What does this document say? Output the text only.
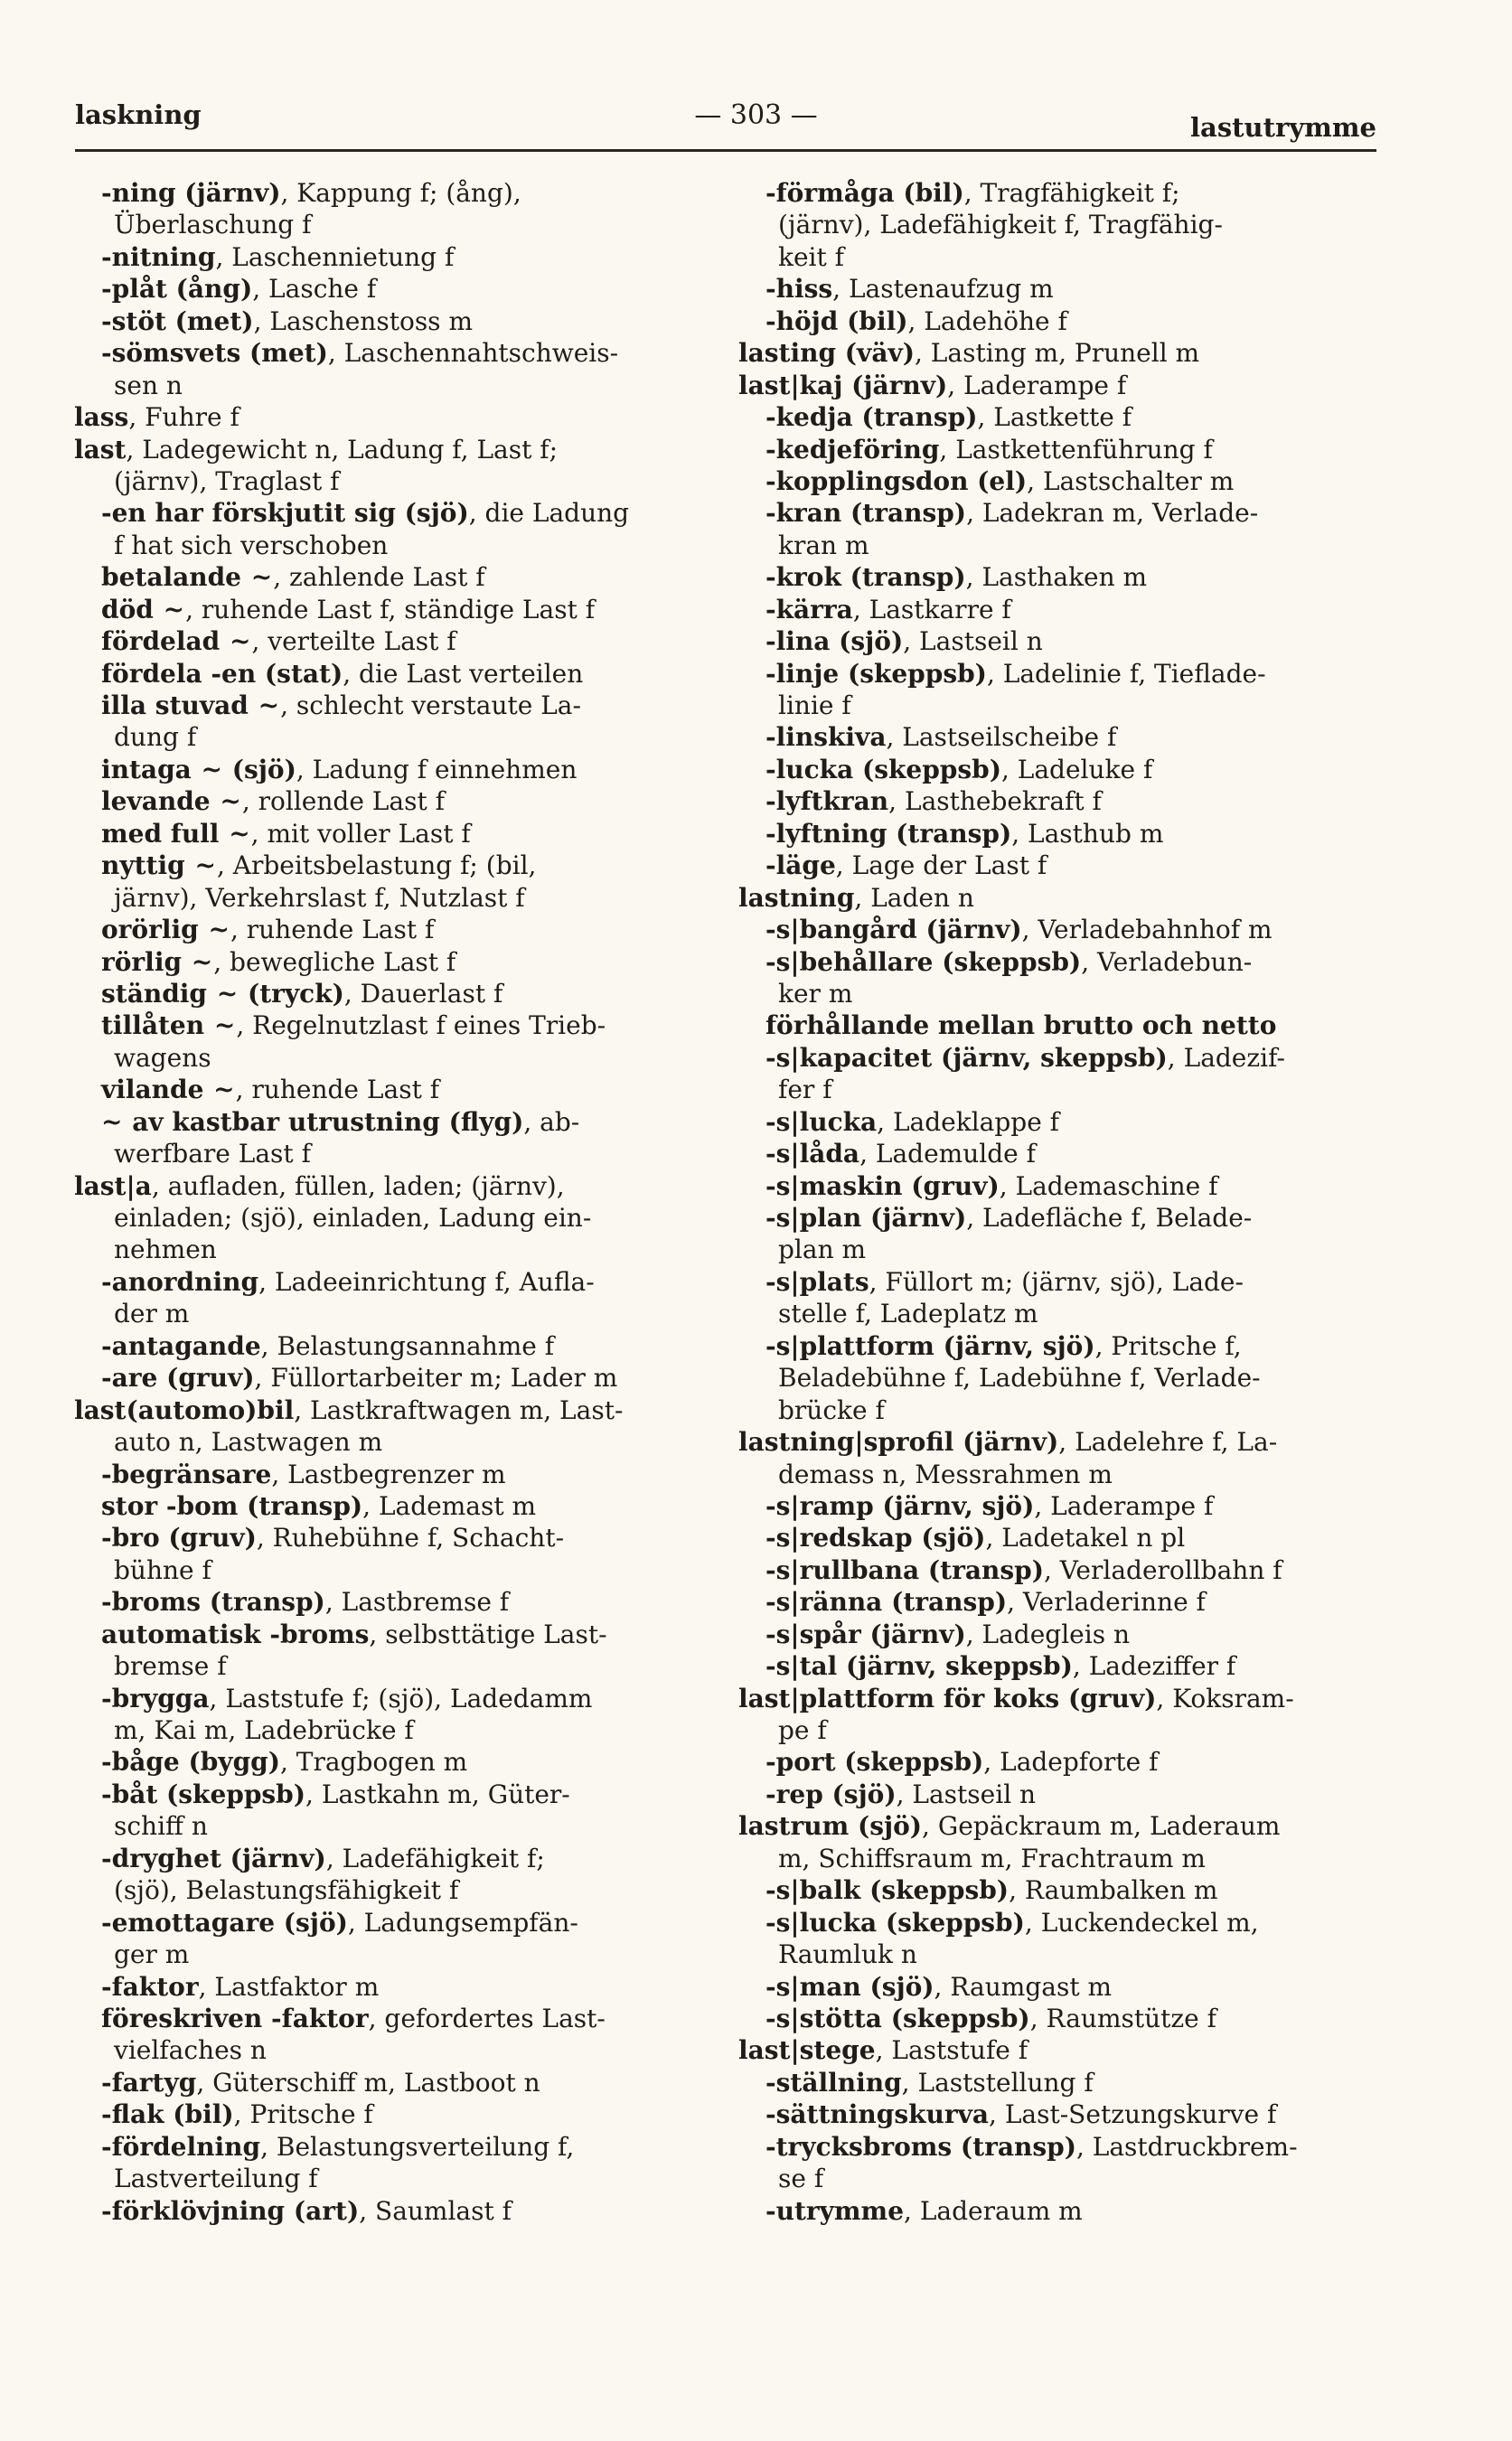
laskning	— 303 —	lastutrymme
-ning (järnv), Kappung f; (ång),
Überlaschung f
-nitning, Laschennietung f
-plåt (ång), Lasche f
-stöt (met), Laschenstoss m
-sömsvets (met), Laschennahtschweis-
sen n
lass, Fuhre f
last, Ladegewicht n, Ladung f, Last f;
(järnv), Traglast f
-en har förskjutit sig (sjö), die Ladung
f hat sich verschoben
betalande ~, zahlende Last f
död ~, ruhende Last f, ständige Last f
fördelad ~, verteilte Last f
fördela -en (stat), die Last verteilen
illa stuvad ~, schlecht verstaute La-
dung f
intaga ~ (sjö), Ladung f einnehmen
levande ~, rollende Last f
med full ~, mit voller Last f
nyttig ~, Arbeitsbelastung f; (bil,
järnv), Verkehrslast f, Nutzlast f
orörlig ~, ruhende Last f
rörlig ~, bewegliche Last f
ständig ~ (tryck), Dauerlast f
tillåten ~, Regelnutzlast f eines Trieb-
wagens
vilande ~, ruhende Last f
~ av kastbar utrustning (flyg), ab-
werfbare Last f
last|a, aufladen, füllen, laden; (järnv),
einladen; (sjö), einladen, Ladung ein-
nehmen
-anordning, Ladeeinrichtung f, Aufla-
der m
-antagande, Belastungsannahme f
-are (gruv), Füllortarbeiter m; Lader m
last(automo)bil, Lastkraftwagen m, Last-
auto n, Lastwagen m
-begränsare, Lastbegrenzer m
stor -bom (transp), Lademast m
-bro (gruv), Ruhebühne f, Schacht-
bühne f
-broms (transp), Lastbremse f
automatisk -broms, selbsttätige Last-
bremse f
-brygga, Laststufe f; (sjö), Ladedamm
m, Kai m, Ladebrücke f
-båge (bygg), Tragbogen m
-båt (skeppsb), Lastkahn m, Güter-
schiff n
-dryghet (järnv), Ladefähigkeit f;
(sjö), Belastungsfähigkeit f
-emottagare (sjö), Ladungsempfän-
ger m
-faktor, Lastfaktor m
föreskriven -faktor, gefordertes Last-
vielfaches n
-fartyg, Güterschiff m, Lastboot n
-flak (bil), Pritsche f
-fördelning, Belastungsverteilung f,
Lastverteilung f
-förklövjning (art), Saumlast f
-förmåga (bil), Tragfähigkeit f;
(järnv), Ladefähigkeit f, Tragfähig-
keit f
-hiss, Lastenaufzug m
-höjd (bil), Ladehöhe f
lasting (väv), Lasting m, Prunell m
last|kaj (järnv), Laderampe f
-kedja (transp), Lastkette f
-kedjeföring, Lastkettenführung f
-kopplingsdon (el), Lastschalter m
-kran (transp), Ladekran m, Verlade-
kran m
-krok (transp), Lasthaken m
-kärra, Lastkarre f
-lina (sjö), Lastseil n
-linje (skeppsb), Ladelinie f, Tieflade-
linie f
-linskiva, Lastseilscheibe f
-lucka (skeppsb), Ladeluke f
-lyftkran, Lasthebekraft f
-lyftning (transp), Lasthub m
-läge, Lage der Last f
lastning, Laden n
-s|bangård (järnv), Verladebahnhof m
-s|behållare (skeppsb), Verladebun-
ker m
förhållande mellan brutto och netto
-s|kapacitet (järnv, skeppsb), Ladezif-
fer f
-s|lucka, Ladeklappe f
-s|låda, Lademulde f
-s|maskin (gruv), Lademaschine f
-s|plan (järnv), Ladefläche f, Belade-
plan m
-s|plats, Füllort m; (järnv, sjö), Lade-
stelle f, Ladeplatz m
-s|plattform (järnv, sjö), Pritsche f,
Beladebühne f, Ladebühne f, Verlade-
brücke f
lastning|sprofil (järnv), Ladelehre f, La-
demass n, Messrahmen m
-s|ramp (järnv, sjö), Laderampe f
-s|redskap (sjö), Ladetakel n pl
-s|rullbana (transp), Verladerollbahn f
-s|ränna (transp), Verladerinne f
-s|spår (järnv), Ladegleis n
-s|tal (järnv, skeppsb), Ladeziffer f
last|plattform för koks (gruv), Koksram-
pe f
-port (skeppsb), Ladepforte f
-rep (sjö), Lastseil n
lastrum (sjö), Gepäckraum m, Laderaum
m, Schiffsraum m, Frachtraum m
-s|balk (skeppsb), Raumbalken m
-s|lucka (skeppsb), Luckendeckel m,
Raumluk n
-s|man (sjö), Raumgast m
-s|stötta (skeppsb), Raumstütze f
last|stege, Laststufe f
-ställning, Laststellung f
-sättningskurva, Last-Setzungskurve f
-trycksbroms (transp), Lastdruckbrem-
se f
-utrymme, Laderaum m
